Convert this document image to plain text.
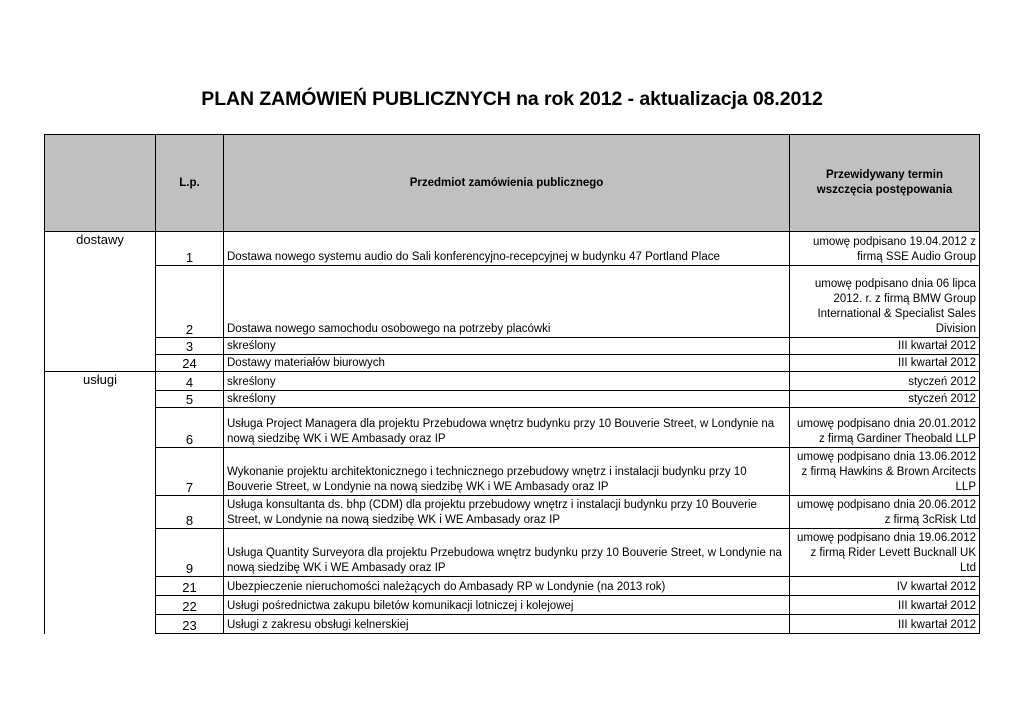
PLAN ZAMÓWIEŃ PUBLICZNYCH na rok 2012 - aktualizacja 08.2012
	L.p.	Przedmiot zamówienia publicznego	Przewidywany termin wszczęcia postępowania
dostawy	1	Dostawa nowego systemu audio do Sali konferencyjno-recepcyjnej w budynku 47 Portland Place	umowę podpisano 19.04.2012 z firmą SSE Audio Group
	2	Dostawa nowego samochodu osobowego na potrzeby placówki	umowę podpisano dnia 06 lipca 2012. r. z firmą BMW Group International & Specialist Sales Division
	3	skreślony	III kwartał 2012
	24	Dostawy materiałów biurowych	III kwartał 2012
usługi	4	skreślony	styczeń 2012
	5	skreślony	styczeń 2012
	6	Usługa Project Managera dla projektu Przebudowa wnętrz budynku przy 10 Bouverie Street, w Londynie na nową siedzibę WK i WE Ambasady oraz IP	umowę podpisano dnia 20.01.2012 z firmą Gardiner Theobald LLP
	7	Wykonanie projektu architektonicznego i technicznego przebudowy wnętrz i instalacji budynku przy 10 Bouverie Street, w Londynie na nową siedzibę WK i WE Ambasady oraz IP	umowę podpisano dnia 13.06.2012 z firmą Hawkins & Brown Arcitects LLP
	8	Usługa konsultanta ds. bhp (CDM) dla projektu przebudowy wnętrz i instalacji budynku przy 10 Bouverie Street, w Londynie na nową siedzibę WK i WE Ambasady oraz IP	umowę podpisano dnia 20.06.2012 z firmą 3cRisk Ltd
	9	Usługa Quantity Surveyora dla projektu Przebudowa wnętrz budynku przy 10 Bouverie Street, w Londynie na nową siedzibę WK i WE Ambasady oraz IP	umowę podpisano dnia 19.06.2012 z firmą Rider Levett Bucknall UK Ltd
	21	Ubezpieczenie nieruchomości należących do Ambasady RP w Londynie (na 2013 rok)	IV kwartał 2012
	22	Usługi pośrednictwa zakupu biletów komunikacji lotniczej i kolejowej	III kwartał 2012
	23	Usługi z zakresu obsługi kelnerskiej	III kwartał 2012
